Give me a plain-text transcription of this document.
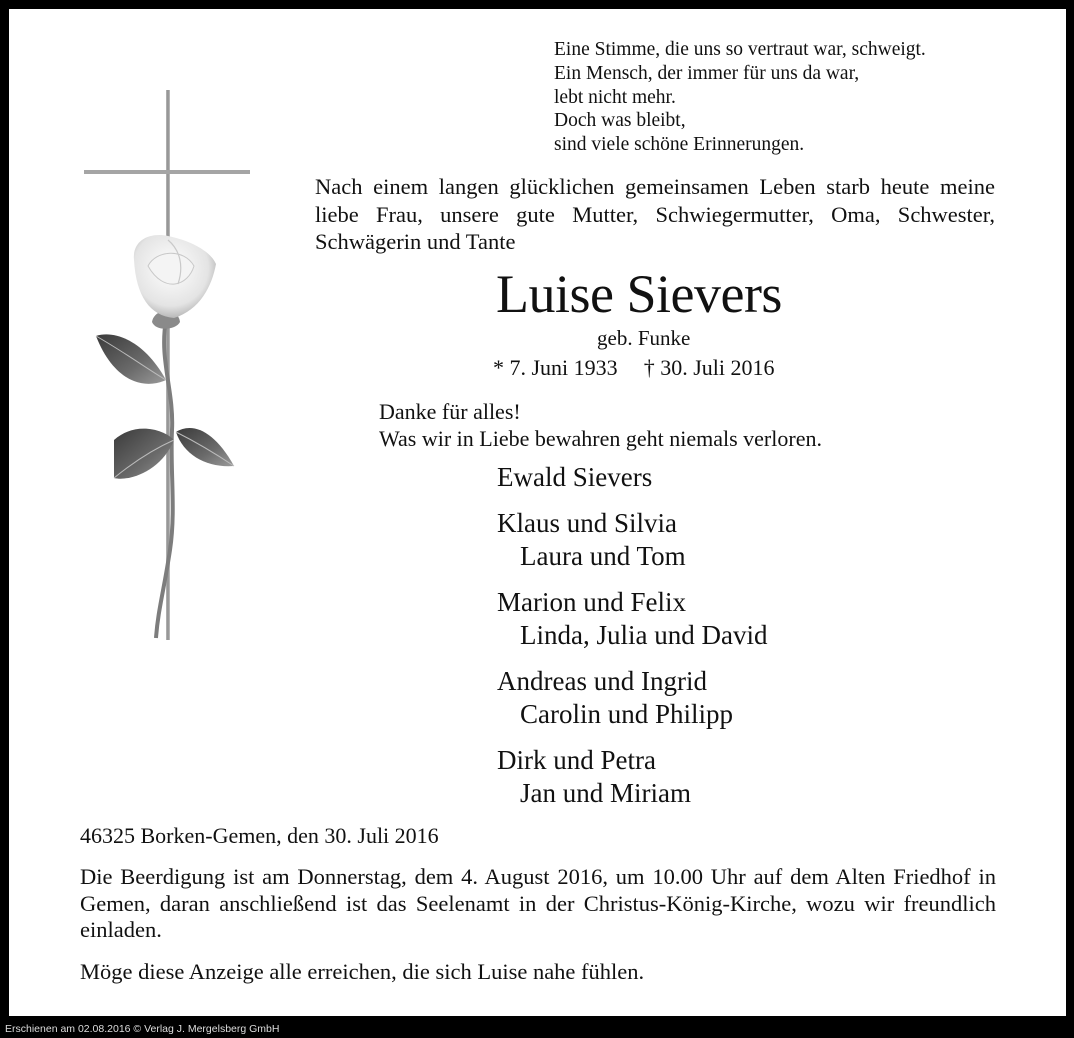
Eine Stimme, die uns so vertraut war, schweigt.
Ein Mensch, der immer für uns da war,
lebt nicht mehr.
Doch was bleibt,
sind viele schöne Erinnerungen.

Nach einem langen glücklichen gemeinsamen Leben starb heute meine liebe Frau, unsere gute Mutter, Schwiegermutter, Oma, Schwester, Schwägerin und Tante

Luise Sievers
geb. Funke
* 7. Juni 1933 † 30. Juli 2016
Danke für alles!
Was wir in Liebe bewahren geht niemals verloren.
Ewald Sievers
Klaus und Silvia
Laura und Tom
Marion und Felix
Linda, Julia und David
Andreas und Ingrid
Carolin und Philipp
Dirk und Petra
Jan und Miriam
46325 Borken-Gemen, den 30. Juli 2016

Die Beerdigung ist am Donnerstag, dem 4. August 2016, um 10.00 Uhr auf dem Alten Friedhof in Gemen, daran anschließend ist das Seelenamt in der Christus-König-Kirche, wozu wir freundlich einladen.

Möge diese Anzeige alle erreichen, die sich Luise nahe fühlen.
Erschienen am 02.08.2016 © Verlag J. Mergelsberg GmbH
